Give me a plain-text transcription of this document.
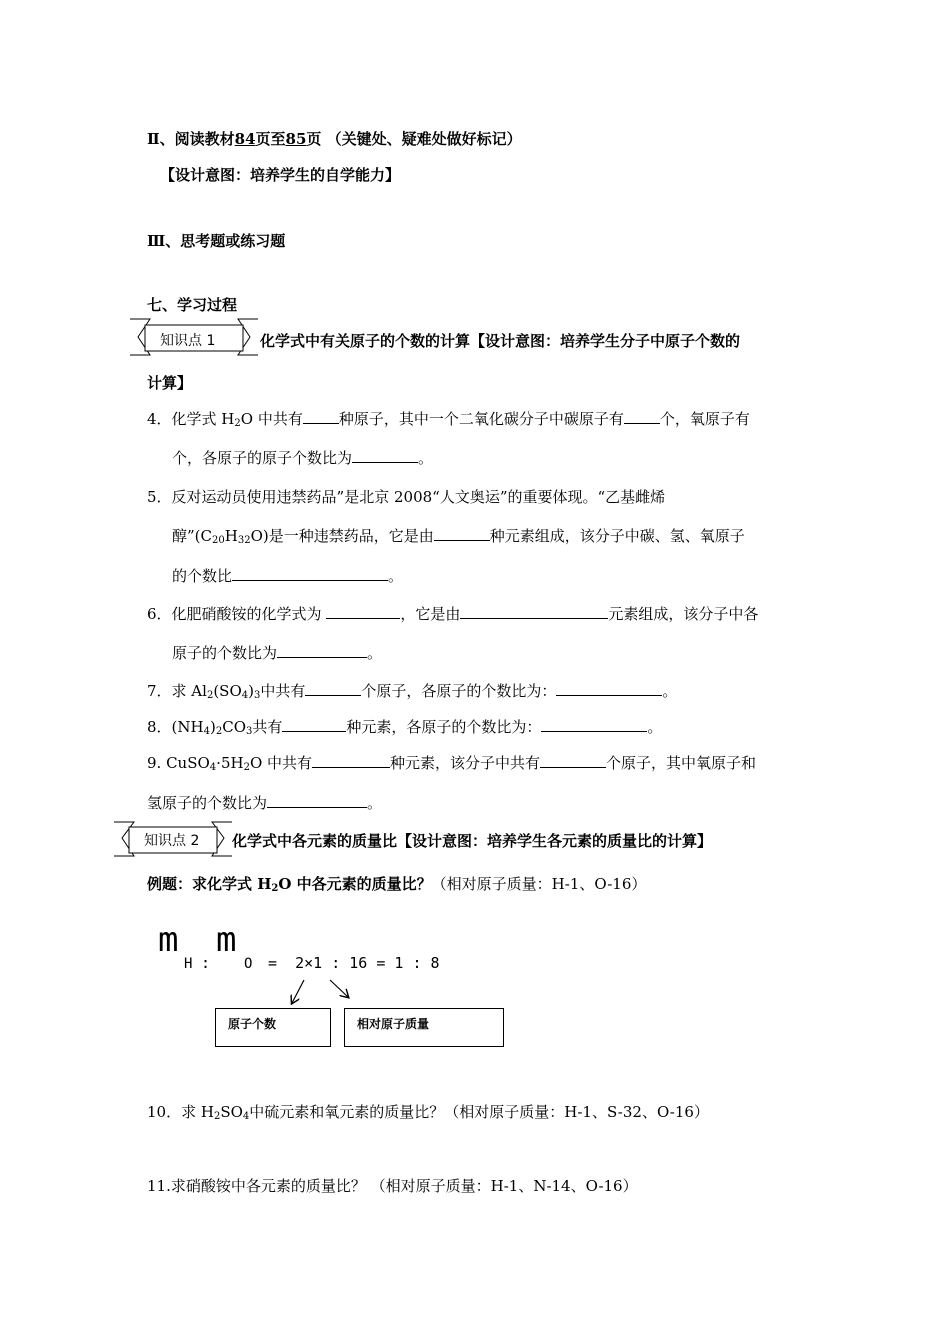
Ⅱ、阅读教材84页至85页 （关键处、疑难处做好标记）
【设计意图：培养学生的自学能力】
Ⅲ、思考题或练习题
七、学习过程
知识点 1	化学式中有关原子的个数的计算【设计意图：培养学生分子中原子个数的
计算】
4．化学式 $H_2O$ 中共有 种原子，其中一个二氧化碳分子中碳原子有 个，氧原子有
个，各原子的原子个数比为	。
5．反对运动员使用违禁药品”是北京 2008“人文奥运”的重要体现。“乙基雌烯
醇$”(C_{20}H_{32}O)$是一种违禁药品，它是由	种元素组成，该分子中碳、氢、氧原子
的个数比	。
6．化肥硝酸铵的化学式为	，它是由	元素组成，该分子中各
原子的个数比为	。
7．求 $Al_2(SO_4)_3$中共有	个原子，各原子的个数比为：	。
8．$(NH_4)_2CO_3$共有	种元素，各原子的个数比为：	。
9. $CuSO_4\cdot 5H_2O$ 中共有	种元素，该分子中共有	个原子，其中氧原子和
氢原子的个数比为	。
知识点 2 化学式中各元素的质量比【设计意图：培养学生各元素的质量比的计算】
例题：求化学式 $H_2O$ 中各元素的质量比？（相对原子质量：H-1、O-16）
m
H :
m
O =  2×1 : 16 = 1 : 8
原子个数	相对原子质量
10．求 $H_2SO_4$中硫元素和氧元素的质量比？（相对原子质量：H-1、S-32、O-16）
11.求硝酸铵中各元素的质量比？ （相对原子质量：H-1、N-14、O-16）
